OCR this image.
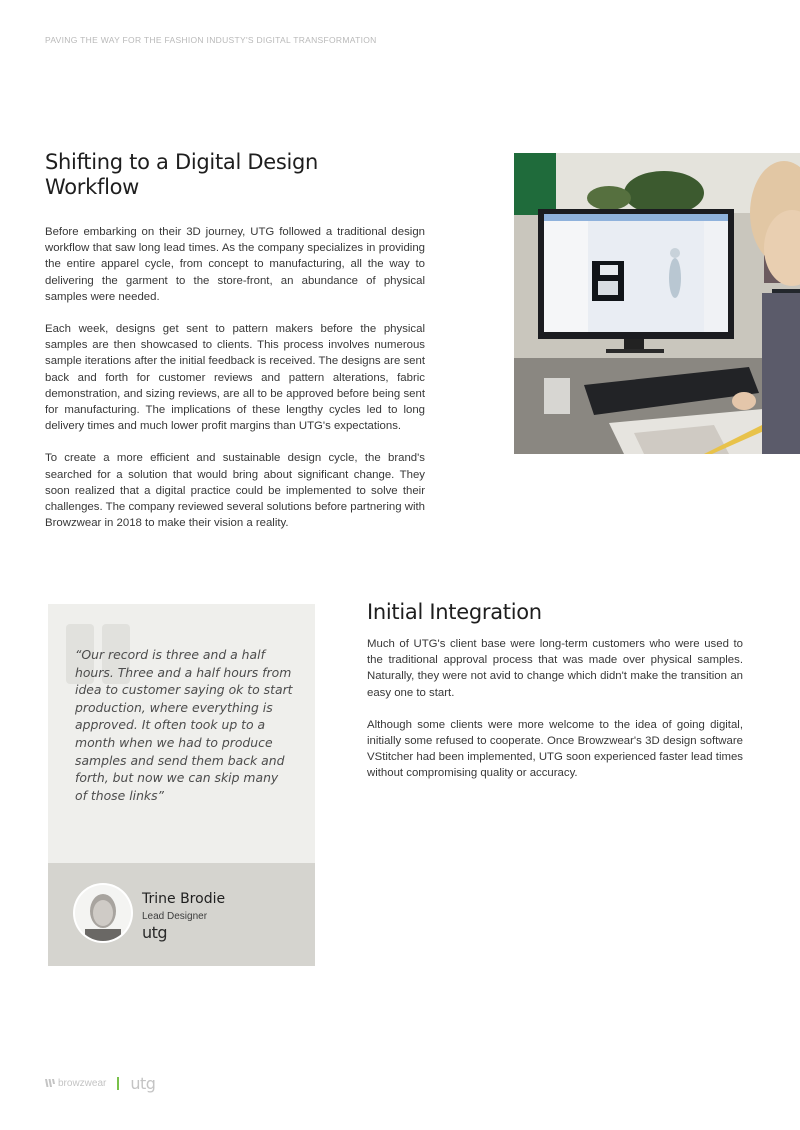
PAVING THE WAY FOR THE FASHION INDUSTY'S DIGITAL TRANSFORMATION
Shifting to a Digital Design Workflow

Before embarking on their 3D journey, UTG followed a traditional design workflow that saw long lead times. As the company specializes in providing the entire apparel cycle, from concept to manufacturing, all the way to delivering the garment to the store-front, an abundance of physical samples were needed.

Each week, designs get sent to pattern makers before the physical samples are then showcased to clients. This process involves numerous sample iterations after the initial feedback is received. The designs are sent back and forth for customer reviews and pattern alterations, fabric demonstration, and sizing reviews, are all to be approved before being sent for manufacturing. The implications of these lengthy cycles led to long delivery times and much lower profit margins than UTG's expectations.

To create a more efficient and sustainable design cycle, the brand's searched for a solution that would bring about significant change. They soon realized that a digital practice could be implemented to solve their challenges. The company reviewed several solutions before partnering with Browzwear in 2018 to make their vision a reality.

“Our record is three and a half hours. Three and a half hours from idea to customer saying ok to start production, where everything is approved. It often took up to a month when we had to produce samples and send them back and forth, but now we can skip many of those links”
Trine Brodie
Lead Designer
utg
Initial Integration

Much of UTG's client base were long-term customers who were used to the traditional approval process that was made over physical samples. Naturally, they were not avid to change which didn't make the transition an easy one to start.

Although some clients were more welcome to the idea of going digital, initially some refused to cooperate. Once Browzwear's 3D design software VStitcher had been implemented, UTG soon experienced faster lead times without compromising quality or accuracy.

browzwear utg
